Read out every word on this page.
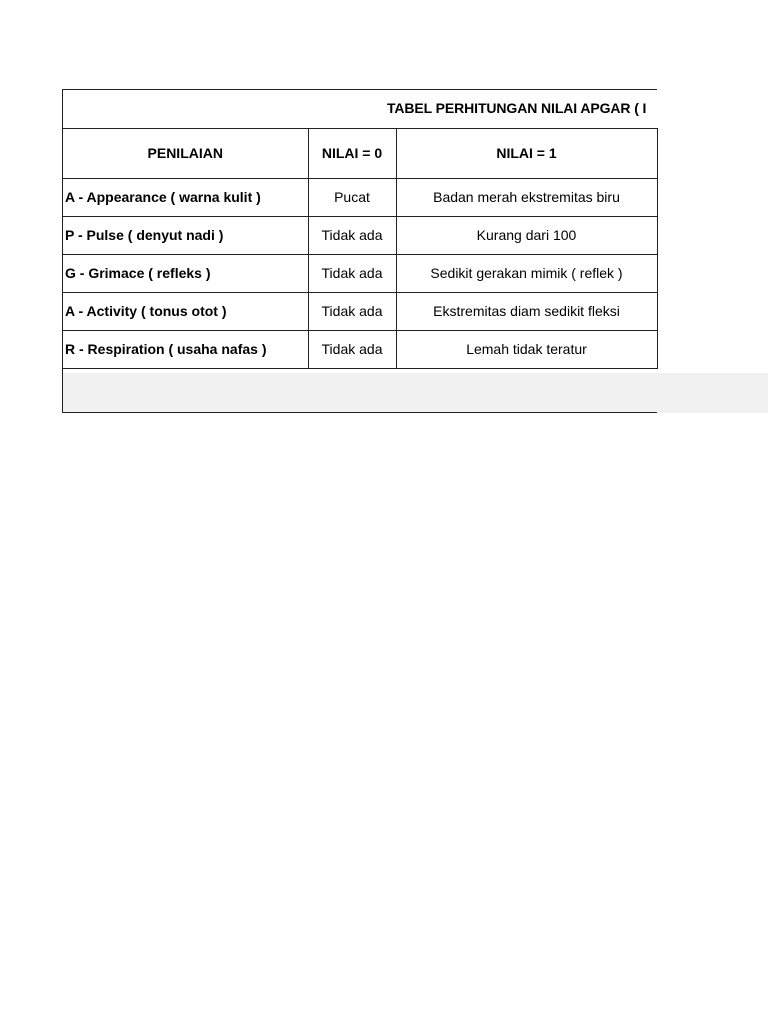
TABEL PERHITUNGAN NILAI APGAR ( I
PENILAIAN	NILAI = 0	NILAI = 1
A - Appearance ( warna kulit )	Pucat	Badan merah ekstremitas biru
P - Pulse ( denyut nadi )	Tidak ada	Kurang dari 100
G - Grimace ( refleks )	Tidak ada	Sedikit gerakan mimik ( reflek )
A - Activity ( tonus otot )	Tidak ada	Ekstremitas diam sedikit fleksi
R - Respiration ( usaha nafas )	Tidak ada	Lemah tidak teratur
